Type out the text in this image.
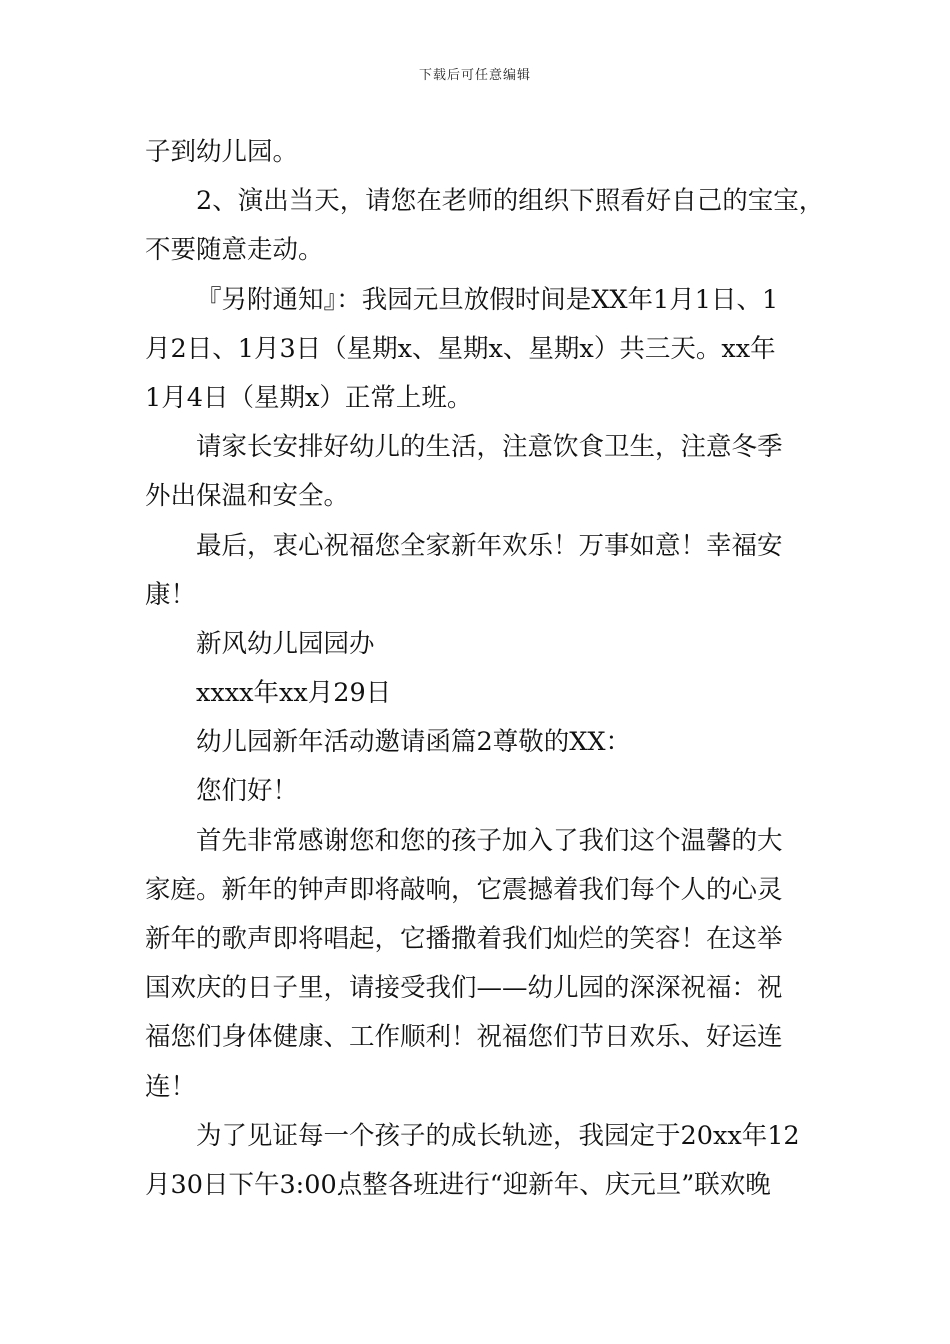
下载后可任意编辑
子到幼儿园。
2、演出当天，请您在老师的组织下照看好自己的宝宝，
不要随意走动。
『另附通知』：我园元旦放假时间是XX年1月1日、1
月2日、1月3日（星期x、星期x、星期x）共三天。xx年
1月4日（星期x）正常上班。
请家长安排好幼儿的生活，注意饮食卫生，注意冬季
外出保温和安全。
最后，衷心祝福您全家新年欢乐！万事如意！幸福安
康！
新风幼儿园园办
xxxx年xx月29日
幼儿园新年活动邀请函篇2尊敬的XX：
您们好！
首先非常感谢您和您的孩子加入了我们这个温馨的大
家庭。新年的钟声即将敲响，它震撼着我们每个人的心灵
新年的歌声即将唱起，它播撒着我们灿烂的笑容！在这举
国欢庆的日子里，请接受我们——幼儿园的深深祝福：祝
福您们身体健康、工作顺利！祝福您们节日欢乐、好运连
连！
为了见证每一个孩子的成长轨迹，我园定于20xx年12
月30日下午3:00点整各班进行“迎新年、庆元旦”联欢晚
